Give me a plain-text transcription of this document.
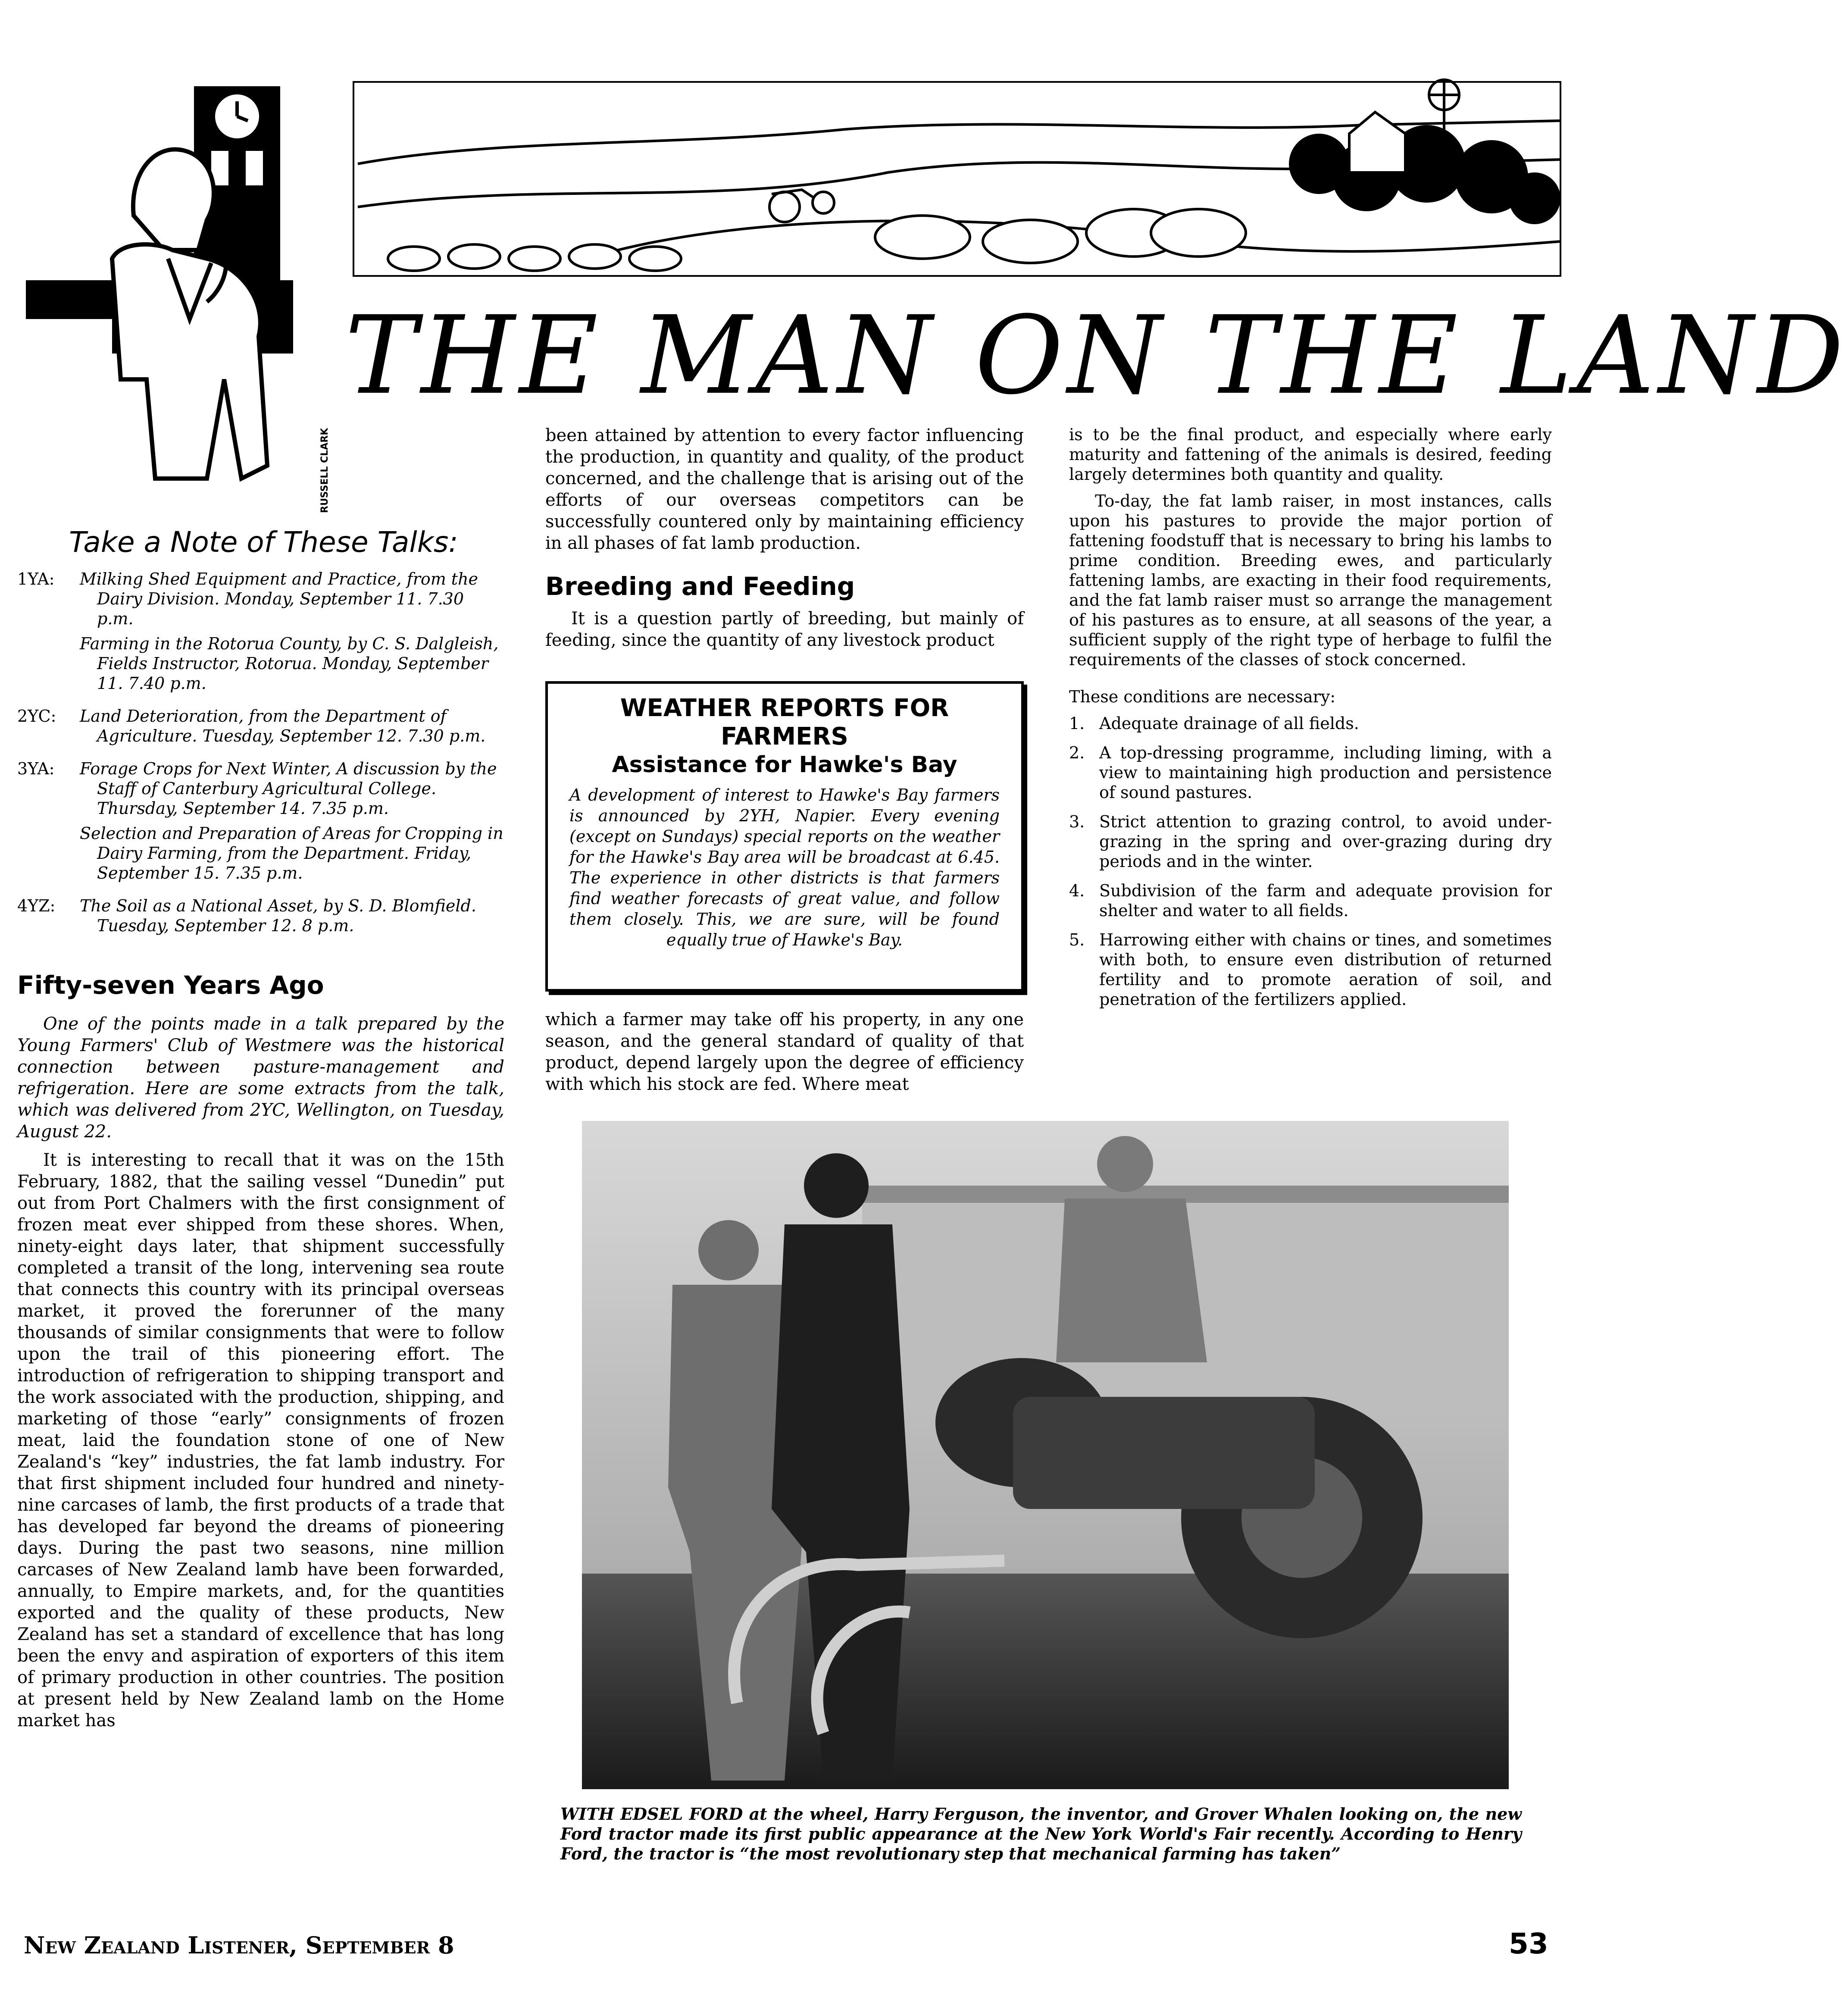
RUSSELL CLARK
THE MAN ON THE LAND
Take a Note of These Talks:
1YA:	Milking Shed Equipment and Practice, from the Dairy Division. Monday, September 11. 7.30 p.m.
Farming in the Rotorua County, by C. S. Dalgleish, Fields Instructor, Rotorua. Monday, September 11. 7.40 p.m.
2YC:	Land Deterioration, from the Department of Agriculture. Tuesday, September 12. 7.30 p.m.
3YA:	Forage Crops for Next Winter, A discussion by the Staff of Canterbury Agricultural College. Thursday, September 14. 7.35 p.m.
Selection and Preparation of Areas for Cropping in Dairy Farming, from the Department. Friday, September 15. 7.35 p.m.
4YZ:	The Soil as a National Asset, by S. D. Blomfield. Tuesday, September 12. 8 p.m.
Fifty-seven Years Ago

One of the points made in a talk prepared by the Young Farmers' Club of Westmere was the historical connection between pasture-management and refrigeration. Here are some extracts from the talk, which was delivered from 2YC, Wellington, on Tuesday, August 22.

It is interesting to recall that it was on the 15th February, 1882, that the sailing vessel “Dunedin” put out from Port Chalmers with the first consignment of frozen meat ever shipped from these shores. When, ninety-eight days later, that shipment successfully completed a transit of the long, intervening sea route that connects this country with its principal overseas market, it proved the forerunner of the many thousands of similar consignments that were to follow upon the trail of this pioneering effort. The introduction of refrigeration to shipping transport and the work associated with the production, shipping, and marketing of those “early” consignments of frozen meat, laid the foundation stone of one of New Zealand's “key” industries, the fat lamb industry. For that first shipment included four hundred and ninety-nine carcases of lamb, the first products of a trade that has developed far beyond the dreams of pioneering days. During the past two seasons, nine million carcases of New Zealand lamb have been forwarded, annually, to Empire markets, and, for the quantities exported and the quality of these products, New Zealand has set a standard of excellence that has long been the envy and aspiration of exporters of this item of primary production in other countries. The position at present held by New Zealand lamb on the Home market has

been attained by attention to every factor influencing the production, in quantity and quality, of the product concerned, and the challenge that is arising out of the efforts of our overseas competitors can be successfully countered only by maintaining efficiency in all phases of fat lamb production.

Breeding and Feeding

It is a question partly of breeding, but mainly of feeding, since the quantity of any livestock product

WEATHER REPORTS FOR FARMERS
Assistance for Hawke's Bay
A development of interest to Hawke's Bay farmers is announced by 2YH, Napier. Every evening (except on Sundays) special reports on the weather for the Hawke's Bay area will be broadcast at 6.45. The experience in other districts is that farmers find weather forecasts of great value, and follow them closely. This, we are sure, will be found equally true of Hawke's Bay.

which a farmer may take off his property, in any one season, and the general standard of quality of that product, depend largely upon the degree of efficiency with which his stock are fed. Where meat

is to be the final product, and especially where early maturity and fattening of the animals is desired, feeding largely determines both quantity and quality.

To-day, the fat lamb raiser, in most instances, calls upon his pastures to provide the major portion of fattening foodstuff that is necessary to bring his lambs to prime condition. Breeding ewes, and particularly fattening lambs, are exacting in their food requirements, and the fat lamb raiser must so arrange the management of his pastures as to ensure, at all seasons of the year, a sufficient supply of the right type of herbage to fulfil the requirements of the classes of stock concerned.

These conditions are necessary:

1. Adequate drainage of all fields.
2. A top-dressing programme, including liming, with a view to maintaining high production and persistence of sound pastures.
3. Strict attention to grazing control, to avoid under-grazing in the spring and over-grazing during dry periods and in the winter.
4. Subdivision of the farm and adequate provision for shelter and water to all fields.
5. Harrowing either with chains or tines, and sometimes with both, to ensure even distribution of returned fertility and to promote aeration of soil, and penetration of the fertilizers applied.
WITH EDSEL FORD at the wheel, Harry Ferguson, the inventor, and Grover Whalen looking on, the new Ford tractor made its first public appearance at the New York World's Fair recently. According to Henry Ford, the tractor is “the most revolutionary step that mechanical farming has taken”
New Zealand Listener, September 8	53
